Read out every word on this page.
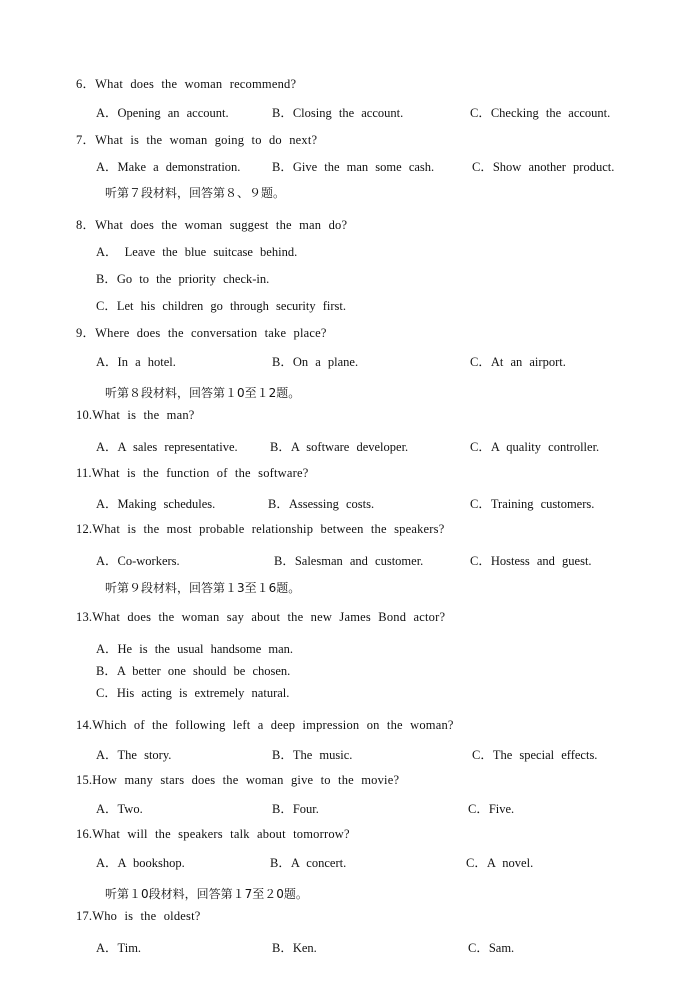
6．What does the woman recommend?
A．Opening an account.	B．Closing the account.	C．Checking the account.
7．What is the woman going to do next?
A．Make a demonstration.	B．Give the man some cash.	C．Show another product.
听第７段材料，回答第８、９题。
8．What does the woman suggest the man do?
A． Leave the blue suitcase behind.
B．Go to the priority check-in.
C．Let his children go through security first.
9．Where does the conversation take place?
A．In a hotel.	B．On a plane.	C．At an airport.
听第８段材料，回答第１0至１2题。
10.What is the man?
A．A sales representative.	B．A software developer.	C．A quality controller.
11.What is the function of the software?
A．Making schedules.	B．Assessing costs.	C．Training customers.
12.What is the most probable relationship between the speakers?
A．Co-workers.	B．Salesman and customer.	C．Hostess and guest.
听第９段材料，回答第１3至１6题。
13.What does the woman say about the new James Bond actor?
A．He is the usual handsome man.
B．A better one should be chosen.
C．His acting is extremely natural.
14.Which of the following left a deep impression on the woman?
A．The story.	B．The music.	C．The special effects.
15.How many stars does the woman give to the movie?
A．Two.	B．Four.	C．Five.
16.What will the speakers talk about tomorrow?
A．A bookshop.	B．A concert.	C．A novel.
听第１0段材料，回答第１7至２0题。
17.Who is the oldest?
A．Tim.	B．Ken.	C．Sam.
